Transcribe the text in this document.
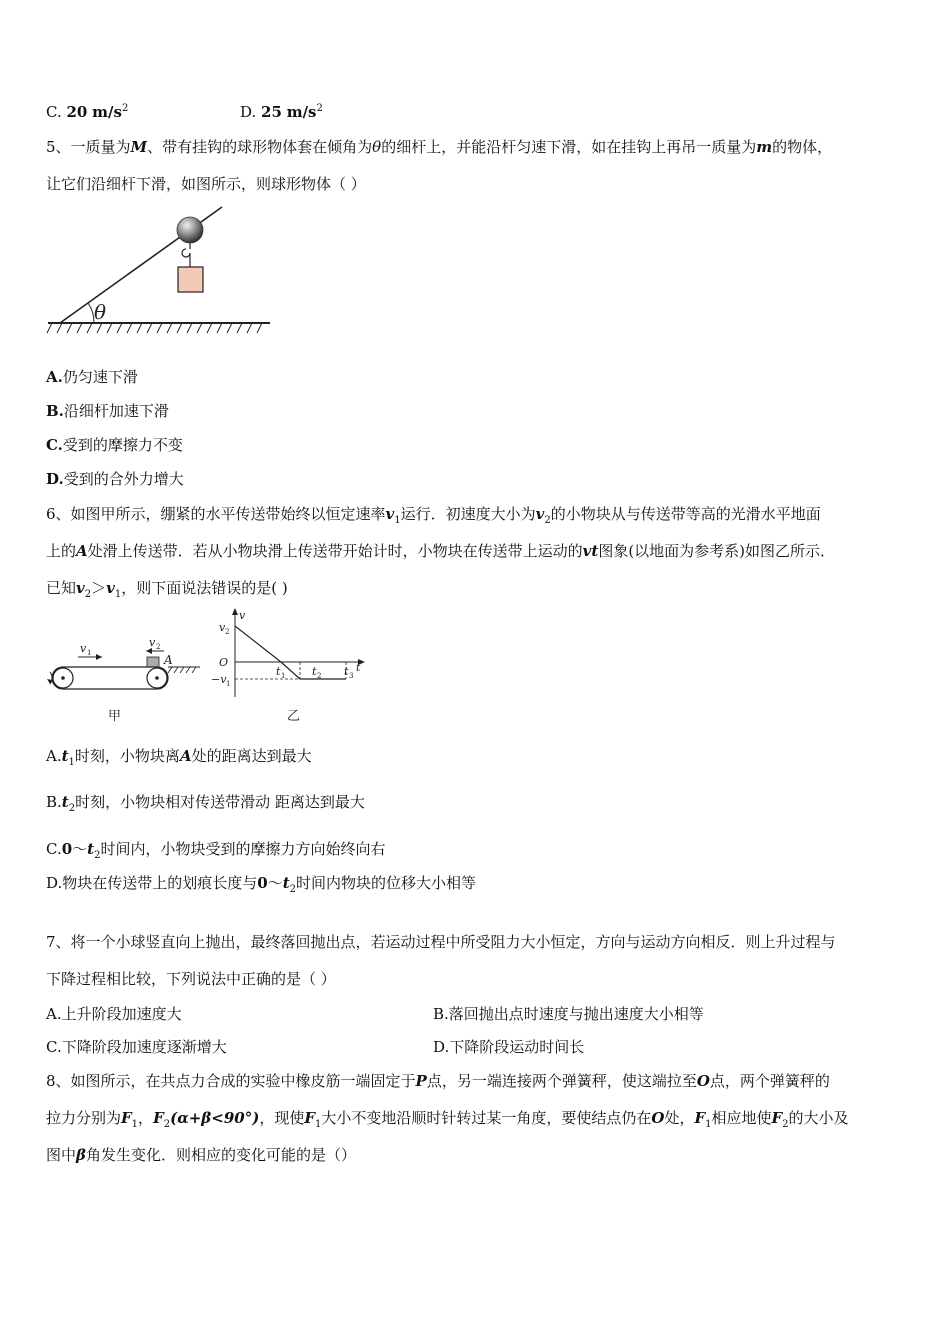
C. 20 $m/s^2$	D. 25 $m/s^2$
5、一质量为M、带有挂钩的球形物体套在倾角为θ的细杆上，并能沿杆匀速下滑，如在挂钩上再吊一质量为m的物体，
让它们沿细杆下滑，如图所示，则球形物体（ ）
θ
A.仍匀速下滑
B.沿细杆加速下滑
C.受到的摩擦力不变
D.受到的合外力增大
6、如图甲所示，绷紧的水平传送带始终以恒定速率$v_1$运行．初速度大小为$v_2$的小物块从与传送带等高的光滑水平地面
上的A处滑上传送带．若从小物块滑上传送带开始计时，小物块在传送带上运动的vt图象(以地面为参考系)如图乙所示．
已知$v_2>v_1$，则下面说法错误的是( )
v 1
v 2
A
甲
v
v 2
O
−v 1
t 1 t 2 t 3
t
乙
$A.t_1$时刻，小物块离A处的距离达到最大
$B.t_2$时刻，小物块相对传送带滑动 距离达到最大
$C.0\sim t_2$时间内，小物块受到的摩擦力方向始终向右
D.物块在传送带上的划痕长度与$0\sim t_2$时间内物块的位移大小相等
7、将一个小球竖直向上抛出，最终落回抛出点，若运动过程中所受阻力大小恒定，方向与运动方向相反．则上升过程与
下降过程相比较，下列说法中正确的是（ ）
A.上升阶段加速度大	B.落回抛出点时速度与抛出速度大小相等
C.下降阶段加速度逐渐增大	D.下降阶段运动时间长
8、如图所示，在共点力合成的实验中橡皮筋一端固定于P点，另一端连接两个弹簧秤，使这端拉至O点，两个弹簧秤的
拉力分别为$F_1$，$F_2(\alpha+\beta<90^\circ)$，现使$F_1$大小不变地沿顺时针转过某一角度，要使结点仍在O处，$F_1$相应地使$F_2$的大小及
图中β角发生变化．则相应的变化可能的是（）
